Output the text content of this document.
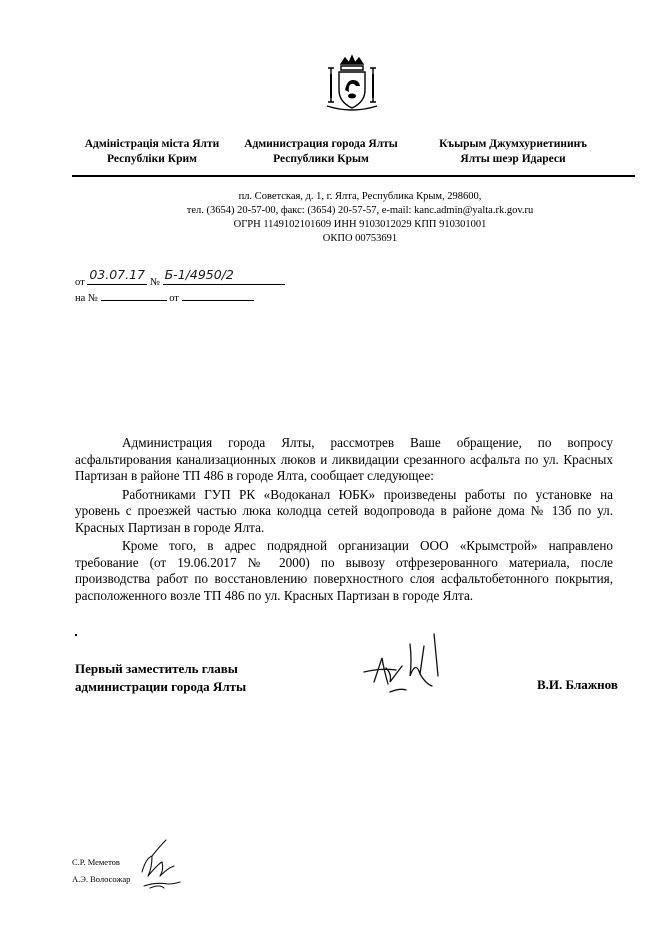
Адміністрація міста Ялти
Республіки Крим
Администрация города Ялты
Республики Крым
Къырым Джумхуриетининъ
Ялты шеэр Идареси
пл. Советская, д. 1, г. Ялта, Республика Крым, 298600,
тел. (3654) 20-57-00, факс: (3654) 20-57-57, e-mail: kanc.admin@yalta.rk.gov.ru
ОГРН 1149102101609 ИНН 9103012029 КПП 910301001
ОКПО 00753691
от
03.07.17
№
Б-1/4950/2
на №	от

Администрация города Ялты, рассмотрев Ваше обращение, по вопросу асфальтирования канализационных люков и ликвидации срезанного асфальта по ул. Красных Партизан в районе ТП 486 в городе Ялта, сообщает следующее:

Работниками ГУП РК «Водоканал ЮБК» произведены работы по установке на уровень с проезжей частью люка колодца сетей водопровода в районе дома № 13б по ул. Красных Партизан в городе Ялта.

Кроме того, в адрес подрядной организации ООО «Крымстрой» направлено требование (от 19.06.2017 № 2000) по вывозу отфрезерованного материала, после производства работ по восстановлению поверхностного слоя асфальтобетонного покрытия, расположенного возле ТП 486 по ул. Красных Партизан в городе Ялта.

Первый заместитель главы
администрации города Ялты	В.И. Блажнов
С.Р. Меметов
А.Э. Волосожар
